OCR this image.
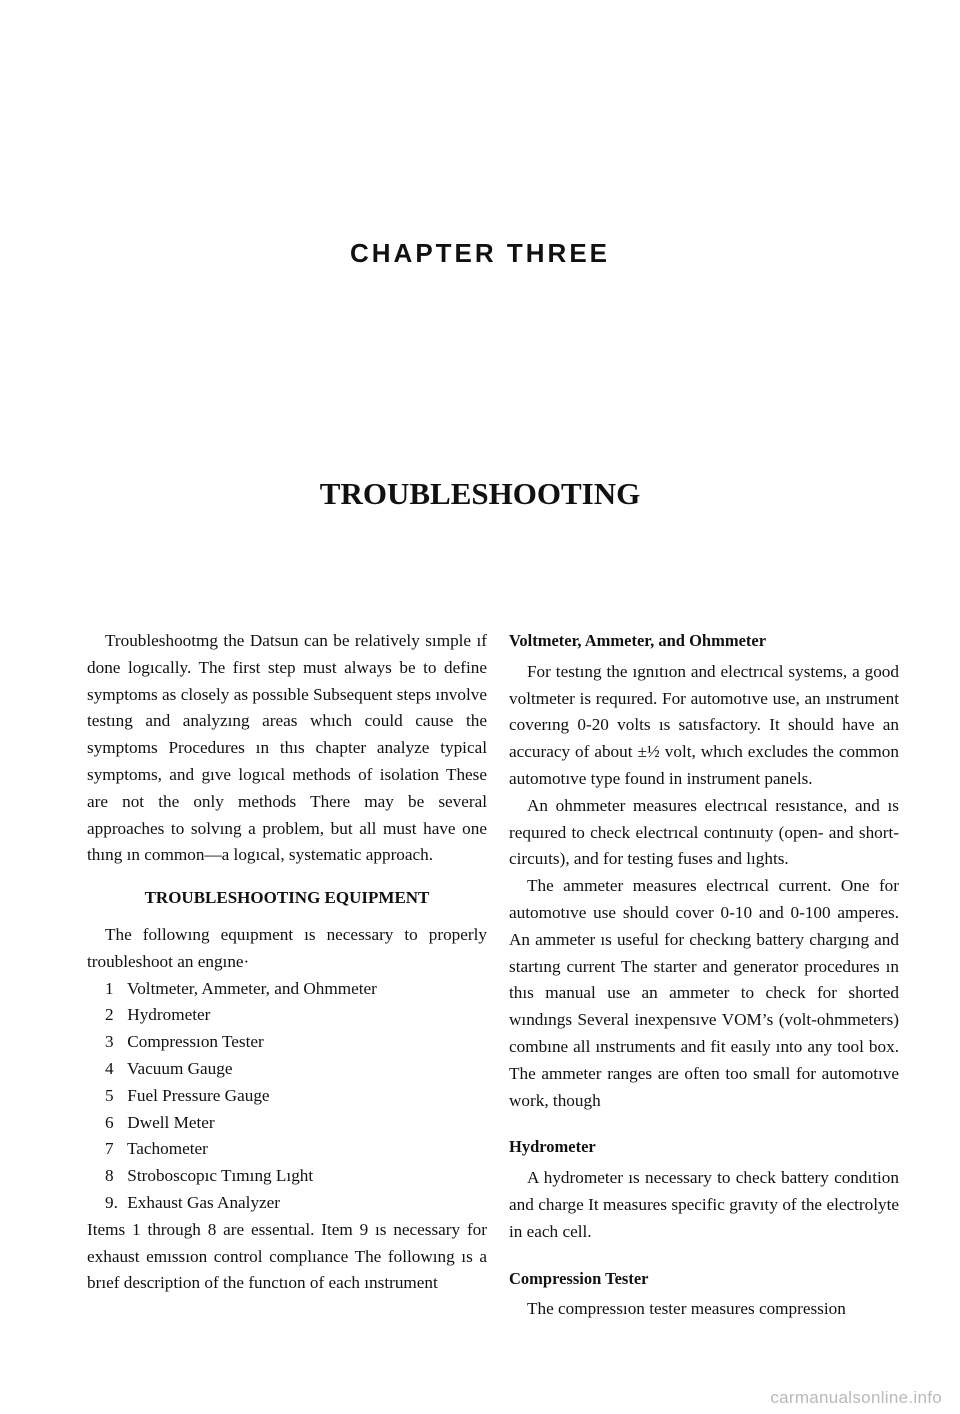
CHAPTER THREE
TROUBLESHOOTING

Troubleshootmg the Datsun can be relatively sımple ıf done logıcally. The first step must always be to define symptoms as closely as possıble Subsequent steps ınvolve testıng and analyzıng areas whıch could cause the symptoms Procedures ın thıs chapter analyze typical symptoms, and gıve logıcal methods of isolation These are not the only methods There may be several approaches to solvıng a problem, but all must have one thıng ın common—a logıcal, systematic approach.

TROUBLESHOOTING EQUIPMENT

The followıng equıpment ıs necessary to properly troubleshoot an engıne·

1 Voltmeter, Ammeter, and Ohmmeter
2 Hydrometer
3 Compressıon Tester
4 Vacuum Gauge
5 Fuel Pressure Gauge
6 Dwell Meter
7 Tachometer
8 Stroboscopıc Tımıng Lıght
9. Exhaust Gas Analyzer

Items 1 through 8 are essentıal. Item 9 ıs necessary for exhaust emıssıon control complıance The followıng ıs a brıef description of the functıon of each ınstrument

Voltmeter, Ammeter, and Ohmmeter

For testıng the ıgnıtıon and electrıcal systems, a good voltmeter is requıred. For automotıve use, an ınstrument coverıng 0-20 volts ıs satısfactory. It should have an accuracy of about ±½ volt, whıch excludes the common automotıve type found in instrument panels.

An ohmmeter measures electrıcal resıstance, and ıs requıred to check electrıcal contınuıty (open- and short-circuıts), and for testing fuses and lıghts.

The ammeter measures electrıcal current. One for automotıve use should cover 0-10 and 0-100 amperes. An ammeter ıs useful for checkıng battery chargıng and startıng current The starter and generator procedures ın thıs manual use an ammeter to check for shorted wındıngs Several inexpensıve VOM’s (volt-ohmmeters) combıne all ınstruments and fit easıly ınto any tool box. The ammeter ranges are often too small for automotıve work, though

Hydrometer

A hydrometer ıs necessary to check battery condıtion and charge It measures specific gravıty of the electrolyte in each cell.

Compression Tester

The compressıon tester measures compression

carmanualsonline.info
